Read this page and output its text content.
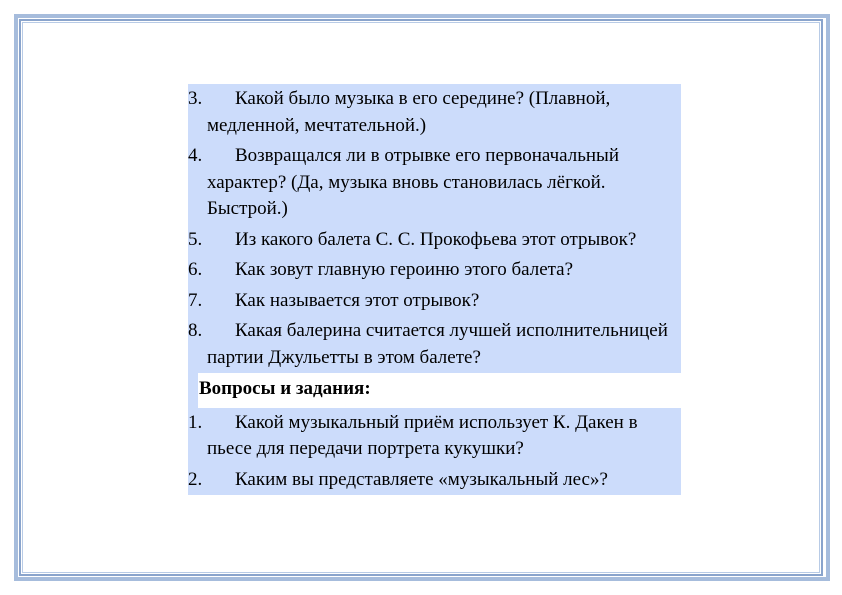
3.	Какой было музыка в его середине? (Плавной, медленной, мечтательной.)
4.	Возвращался ли в отрывке его первоначальный характер? (Да, музыка вновь становилась лёгкой. Быстрой.)
5.	Из какого балета С. С. Прокофьева этот отрывок?
6.	Как зовут главную героиню этого балета?
7.	Как называется этот отрывок?
8.	Какая балерина считается лучшей исполнительницей партии Джульетты в этом балете?
Вопросы и задания:
1.	Какой музыкальный приём использует К. Дакен в пьесе для передачи портрета кукушки?
2.	Каким вы представляете «музыкальный лес»?
